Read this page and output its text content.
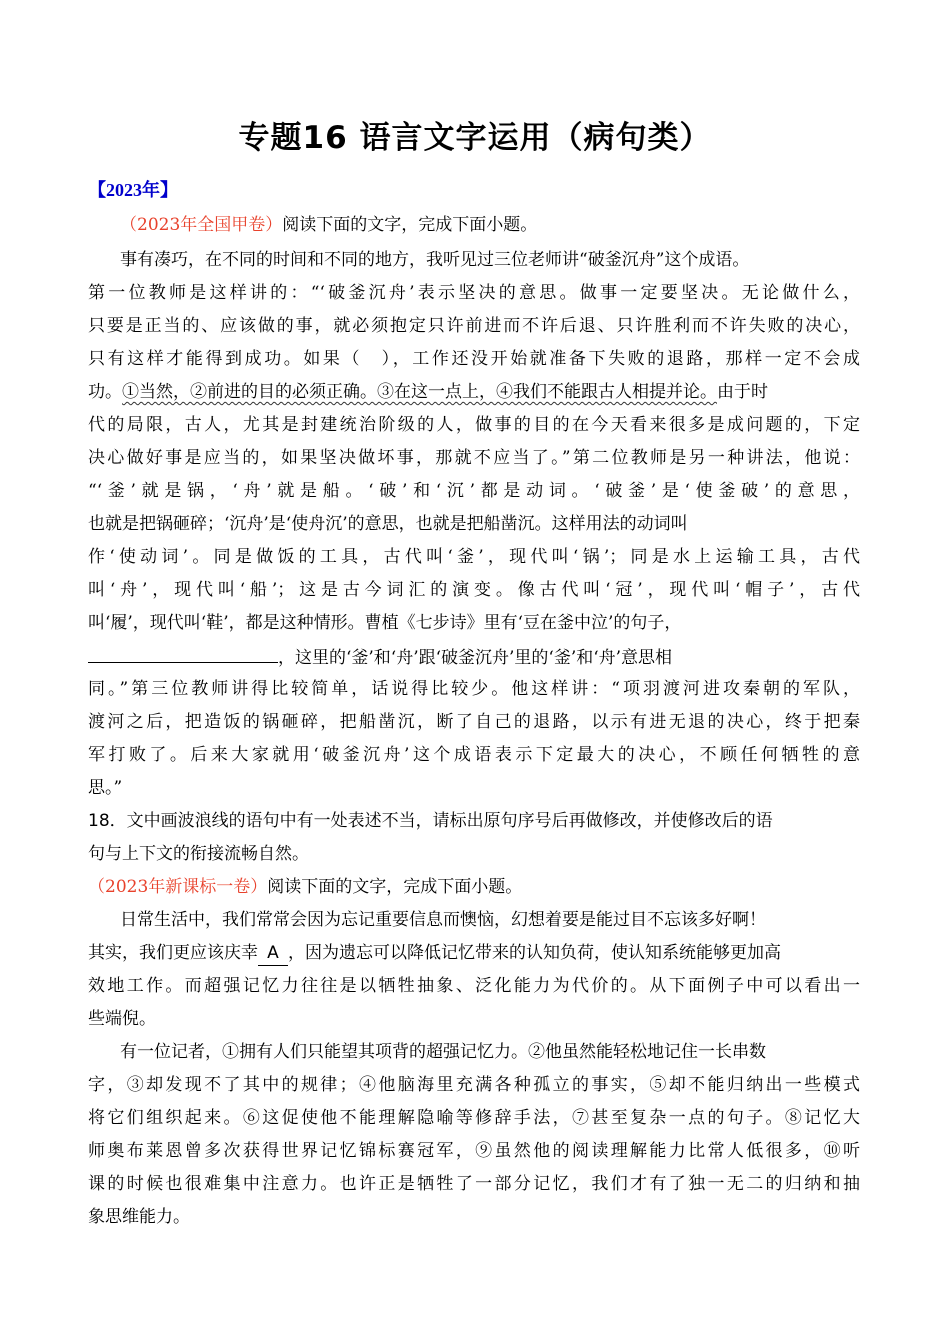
专题16 语言文字运用（病句类）
【2023年】
（2023年全国甲卷）阅读下面的文字，完成下面小题。
事有凑巧，在不同的时间和不同的地方，我听见过三位老师讲“破釜沉舟”这个成语。
第一位教师是这样讲的：“‘破釜沉舟’表示坚决的意思。做事一定要坚决。无论做什么，
只要是正当的、应该做的事，就必须抱定只许前进而不许后退、只许胜利而不许失败的决心，
只有这样才能得到成功。如果（　），工作还没开始就准备下失败的退路，那样一定不会成
功。①当然，②前进的目的必须正确。③在这一点上，④我们不能跟古人相提并论。由于时
代的局限，古人，尤其是封建统治阶级的人，做事的目的在今天看来很多是成问题的，下定
决心做好事是应当的，如果坚决做坏事，那就不应当了。”第二位教师是另一种讲法，他说：
“‘釜’就是锅，‘舟’就是船。‘破’和‘沉’都是动词。‘破釜’是‘使釜破’的意思，
也就是把锅砸碎；‘沉舟’是‘使舟沉’的意思，也就是把船凿沉。这样用法的动词叫
作‘使动词’。同是做饭的工具，古代叫‘釜’，现代叫‘锅’；同是水上运输工具，古代
叫‘舟’，现代叫‘船’；这是古今词汇的演变。像古代叫‘冠’，现代叫‘帽子’，古代
叫‘履’，现代叫‘鞋’，都是这种情形。曹植《七步诗》里有‘豆在釜中泣’的句子，
，这里的‘釜’和‘舟’跟‘破釜沉舟’里的‘釜’和‘舟’意思相
同。”第三位教师讲得比较简单，话说得比较少。他这样讲：“项羽渡河进攻秦朝的军队，
渡河之后，把造饭的锅砸碎，把船凿沉，断了自己的退路，以示有进无退的决心，终于把秦
军打败了。后来大家就用‘破釜沉舟’这个成语表示下定最大的决心，不顾任何牺牲的意
思。”
18．文中画波浪线的语句中有一处表述不当，请标出原句序号后再做修改，并使修改后的语
句与上下文的衔接流畅自然。
（2023年新课标一卷）阅读下面的文字，完成下面小题。
日常生活中，我们常常会因为忘记重要信息而懊恼，幻想着要是能过目不忘该多好啊！
其实，我们更应该庆幸 A ，因为遗忘可以降低记忆带来的认知负荷，使认知系统能够更加高
效地工作。而超强记忆力往往是以牺牲抽象、泛化能力为代价的。从下面例子中可以看出一
些端倪。
有一位记者，①拥有人们只能望其项背的超强记忆力。②他虽然能轻松地记住一长串数
字，③却发现不了其中的规律；④他脑海里充满各种孤立的事实，⑤却不能归纳出一些模式
将它们组织起来。⑥这促使他不能理解隐喻等修辞手法，⑦甚至复杂一点的句子。⑧记忆大
师奥布莱恩曾多次获得世界记忆锦标赛冠军，⑨虽然他的阅读理解能力比常人低很多，⑩听
课的时候也很难集中注意力。也许正是牺牲了一部分记忆，我们才有了独一无二的归纳和抽
象思维能力。
